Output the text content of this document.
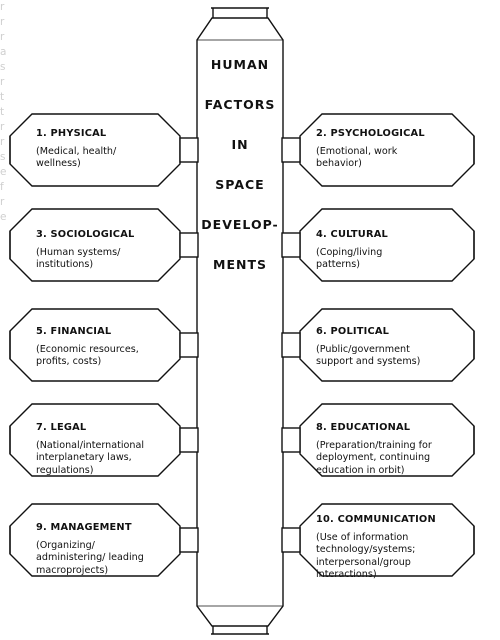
r
r
r
a
s
r
t
t
r
r
s
e
f
r
e
HUMAN
FACTORS
IN
SPACE
DEVELOP-
MENTS
1. PHYSICAL
(Medical, health/ wellness)
2. PSYCHOLOGICAL
(Emotional, work behavior)
3. SOCIOLOGICAL
(Human systems/ institutions)
4. CULTURAL
(Coping/living patterns)
5. FINANCIAL
(Economic resources, profits, costs)
6. POLITICAL
(Public/government support and systems)
7. LEGAL
(National/international interplanetary laws, regulations)
8. EDUCATIONAL
(Preparation/training for deployment, continuing education in orbit)
9. MANAGEMENT
(Organizing/ administering/ leading macroprojects)
10. COMMUNICATION
(Use of information technology/systems; interpersonal/group interactions)
